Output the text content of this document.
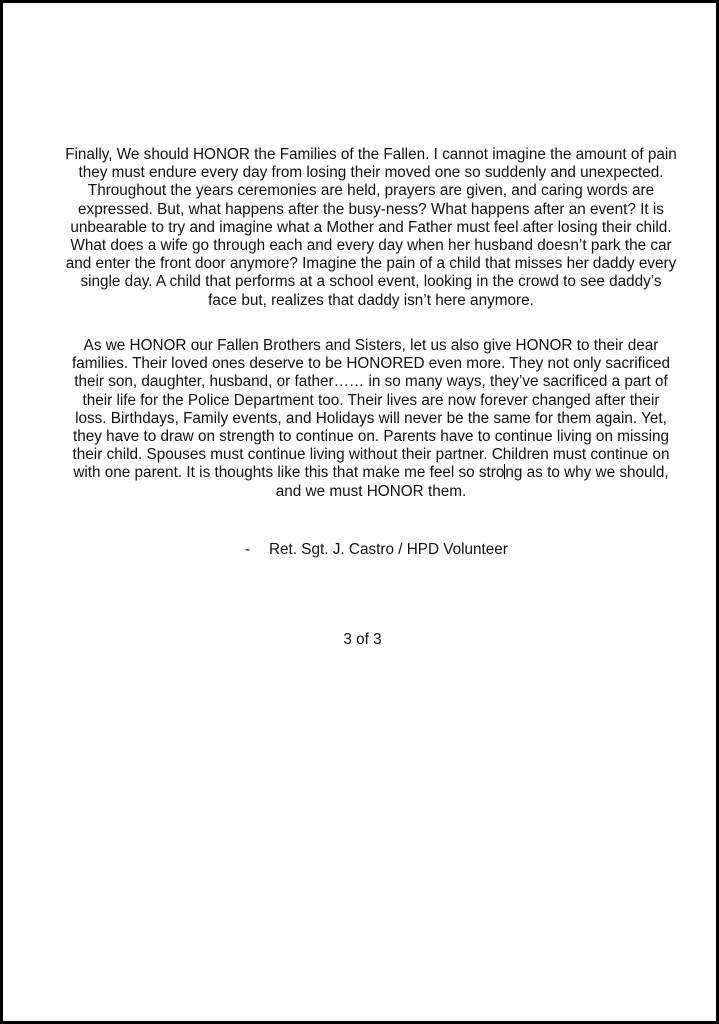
Finally, We should HONOR the Families of the Fallen. I cannot imagine the amount of pain they must endure every day from losing their moved one so suddenly and unexpected. Throughout the years ceremonies are held, prayers are given, and caring words are expressed. But, what happens after the busy-ness? What happens after an event? It is unbearable to try and imagine what a Mother and Father must feel after losing their child. What does a wife go through each and every day when her husband doesn’t park the car and enter the front door anymore? Imagine the pain of a child that misses her daddy every single day. A child that performs at a school event, looking in the crowd to see daddy’s face but, realizes that daddy isn’t here anymore.

As we HONOR our Fallen Brothers and Sisters, let us also give HONOR to their dear families. Their loved ones deserve to be HONORED even more. They not only sacrificed their son, daughter, husband, or father…… in so many ways, they’ve sacrificed a part of their life for the Police Department too. Their lives are now forever changed after their loss. Birthdays, Family events, and Holidays will never be the same for them again. Yet, they have to draw on strength to continue on. Parents have to continue living on missing their child. Spouses must continue living without their partner. Children must continue on with one parent. It is thoughts like this that make me feel so strong as to why we should, and we must HONOR them.

- Ret. Sgt. J. Castro / HPD Volunteer
3 of 3
